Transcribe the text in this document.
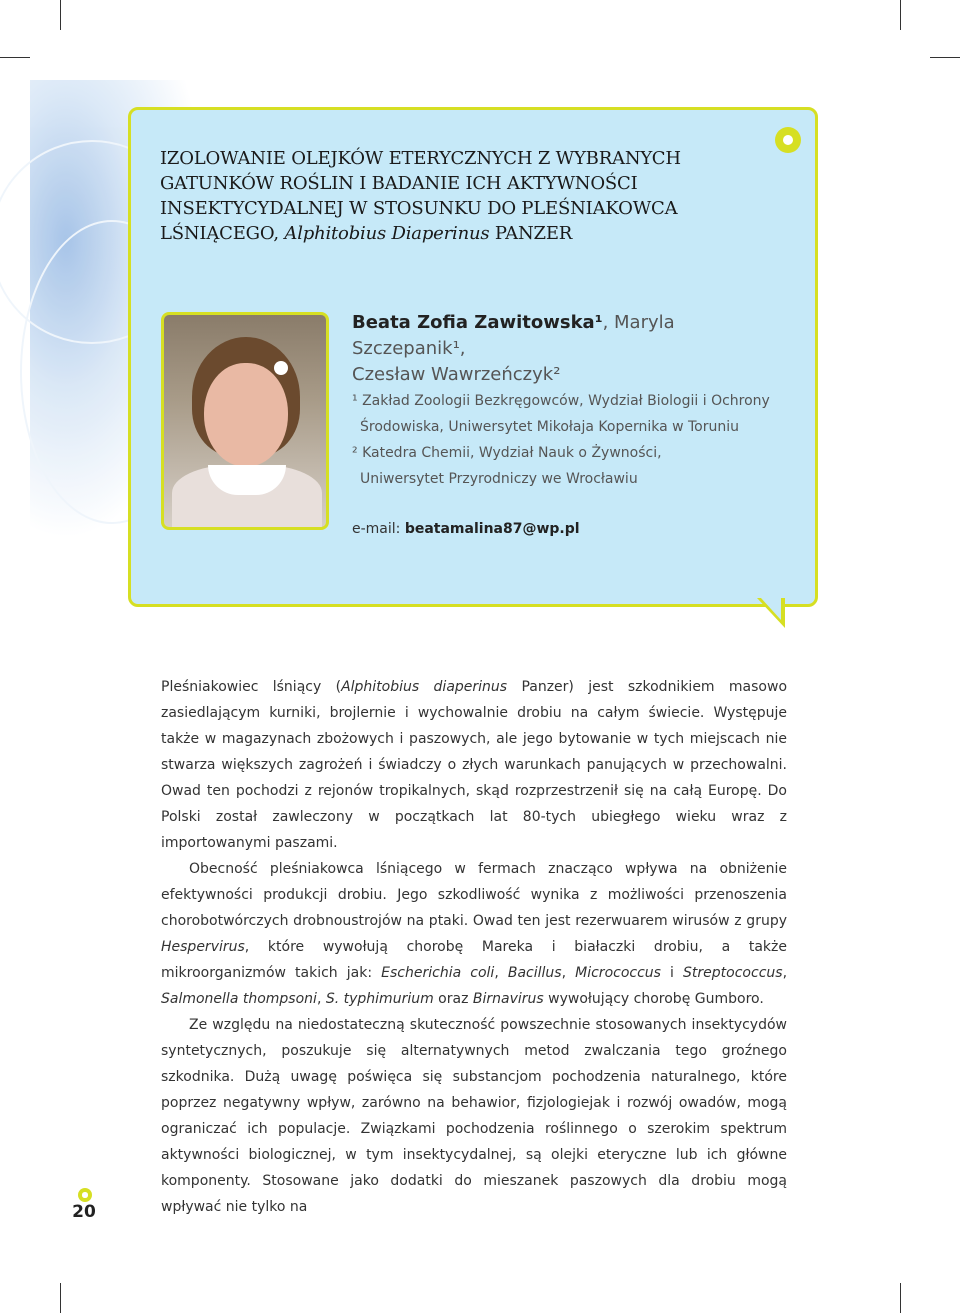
IZOLOWANIE OLEJKÓW ETERYCZNYCH Z WYBRANYCH
GATUNKÓW ROŚLIN I BADANIE ICH AKTYWNOŚCI
INSEKTYCYDALNEJ W STOSUNKU DO PLEŚNIAKOWCA
LŚNIĄCEGO, Alphitobius Diaperinus PANZER
Beata Zofia Zawitowska¹, Maryla Szczepanik¹,
Czesław Wawrzeńczyk²
¹ Zakład Zoologii Bezkręgowców, Wydział Biologii i Ochrony
Środowiska, Uniwersytet Mikołaja Kopernika w Toruniu
² Katedra Chemii, Wydział Nauk o Żywności,
Uniwersytet Przyrodniczy we Wrocławiu
e-mail: beatamalina87@wp.pl

Pleśniakowiec lśniący (Alphitobius diaperinus Panzer) jest szkodnikiem masowo zasiedlającym kurniki, brojlernie i wychowalnie drobiu na całym świecie. Występuje także w magazynach zbożowych i paszowych, ale jego bytowanie w tych miejscach nie stwarza większych zagrożeń i świadczy o złych warunkach panujących w przechowalni. Owad ten pochodzi z rejonów tropikalnych, skąd rozprzestrzenił się na całą Europę. Do Polski został zawleczony w początkach lat 80-tych ubiegłego wieku wraz z importowanymi paszami.

Obecność pleśniakowca lśniącego w fermach znacząco wpływa na obniżenie efektywności produkcji drobiu. Jego szkodliwość wynika z możliwości przenoszenia chorobotwórczych drobnoustrojów na ptaki. Owad ten jest rezerwuarem wirusów z grupy Hespervirus, które wywołują chorobę Mareka i białaczki drobiu, a także mikroorganizmów takich jak: Escherichia coli, Bacillus, Micrococcus i Streptococcus, Salmonella thompsoni, S. typhimurium oraz Birnavirus wywołujący chorobę Gumboro.

Ze względu na niedostateczną skuteczność powszechnie stosowanych insektycydów syntetycznych, poszukuje się alternatywnych metod zwalczania tego groźnego szkodnika. Dużą uwagę poświęca się substancjom pochodzenia naturalnego, które poprzez negatywny wpływ, zarówno na behawior, fizjologiejak i rozwój owadów, mogą ograniczać ich populacje. Związkami pochodzenia roślinnego o szerokim spektrum aktywności biologicznej, w tym insektycydalnej, są olejki eteryczne lub ich główne komponenty. Stosowane jako dodatki do mieszanek paszowych dla drobiu mogą wpływać nie tylko na

20
